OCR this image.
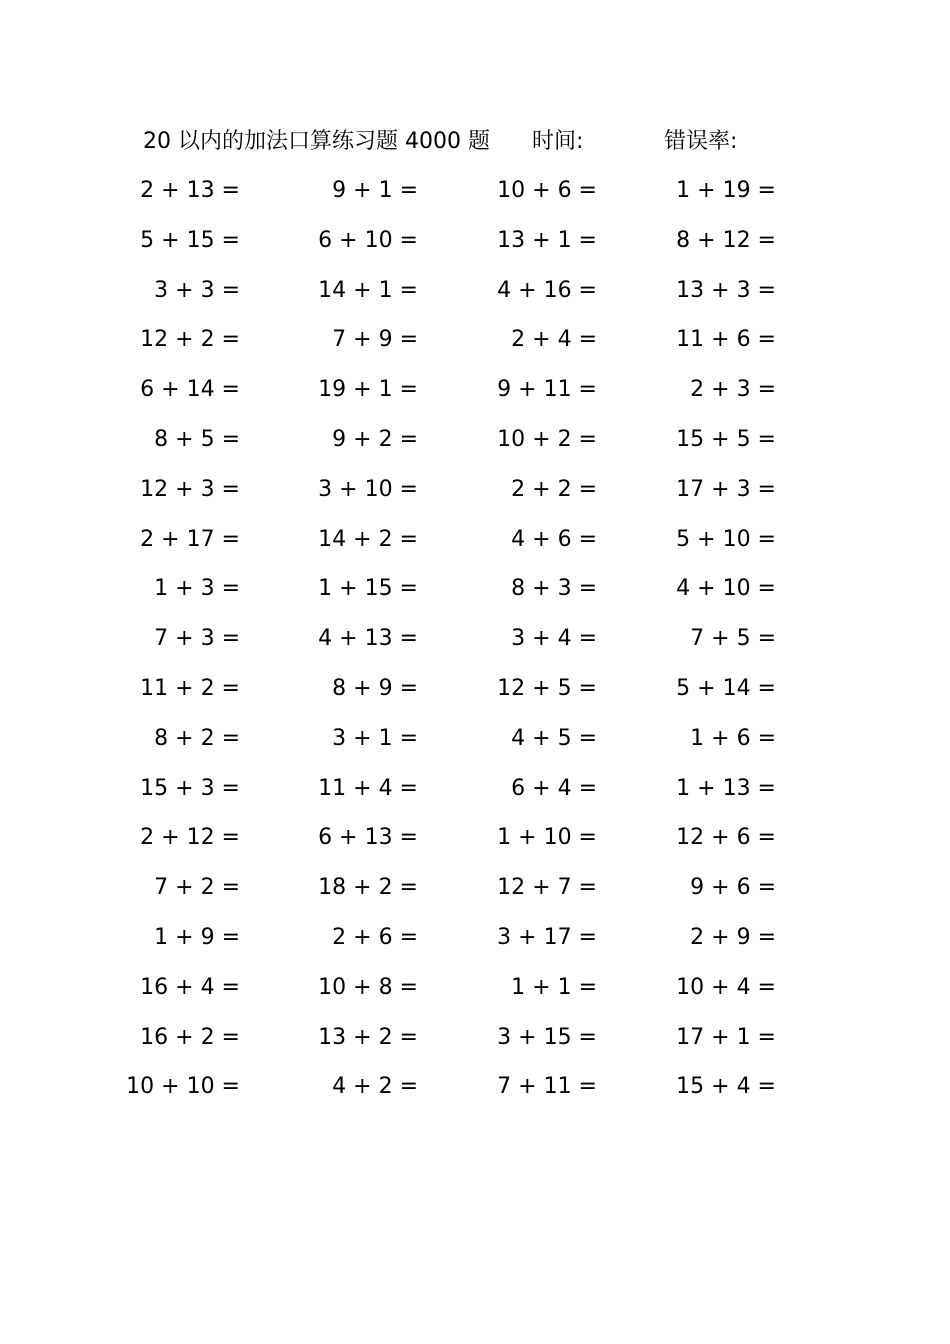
20 以内的加法口算练习题 4000 题 时间:	错误率:
2 + 13 =	9 + 1 =	10 + 6 =	1 + 19 =
5 + 15 =	6 + 10 =	13 + 1 =	8 + 12 =
3 + 3 =	14 + 1 =	4 + 16 =	13 + 3 =
12 + 2 =	7 + 9 =	2 + 4 =	11 + 6 =
6 + 14 =	19 + 1 =	9 + 11 =	2 + 3 =
8 + 5 =	9 + 2 =	10 + 2 =	15 + 5 =
12 + 3 =	3 + 10 =	2 + 2 =	17 + 3 =
2 + 17 =	14 + 2 =	4 + 6 =	5 + 10 =
1 + 3 =	1 + 15 =	8 + 3 =	4 + 10 =
7 + 3 =	4 + 13 =	3 + 4 =	7 + 5 =
11 + 2 =	8 + 9 =	12 + 5 =	5 + 14 =
8 + 2 =	3 + 1 =	4 + 5 =	1 + 6 =
15 + 3 =	11 + 4 =	6 + 4 =	1 + 13 =
2 + 12 =	6 + 13 =	1 + 10 =	12 + 6 =
7 + 2 =	18 + 2 =	12 + 7 =	9 + 6 =
1 + 9 =	2 + 6 =	3 + 17 =	2 + 9 =
16 + 4 =	10 + 8 =	1 + 1 =	10 + 4 =
16 + 2 =	13 + 2 =	3 + 15 =	17 + 1 =
10 + 10 =	4 + 2 =	7 + 11 =	15 + 4 =
